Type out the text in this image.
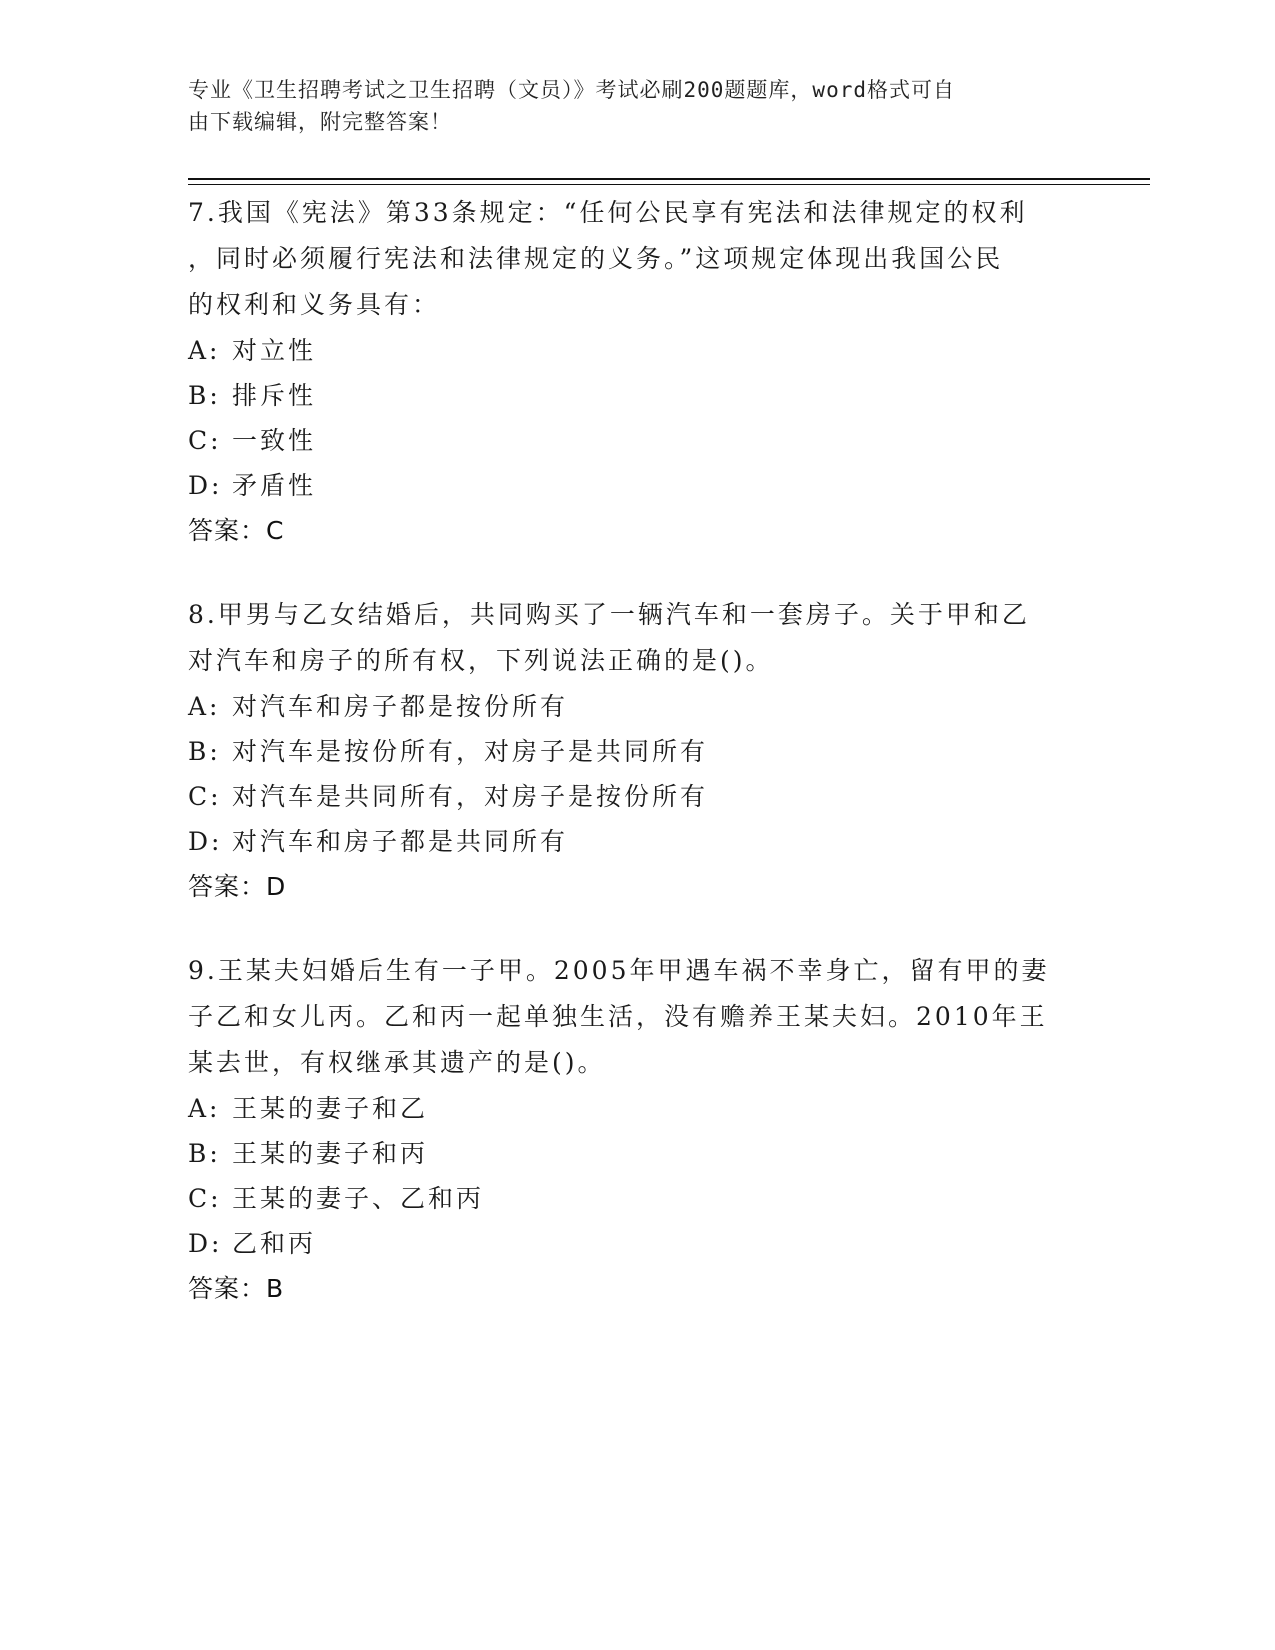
专业《卫生招聘考试之卫生招聘（文员）》考试必刷200题题库，word格式可自
由下载编辑，附完整答案！

7.我国《宪法》第33条规定：“任何公民享有宪法和法律规定的权利

，同时必须履行宪法和法律规定的义务。”这项规定体现出我国公民

的权利和义务具有：

A: 对立性

B: 排斥性

C: 一致性

D: 矛盾性

答案：C

8.甲男与乙女结婚后，共同购买了一辆汽车和一套房子。关于甲和乙

对汽车和房子的所有权，下列说法正确的是()。

A: 对汽车和房子都是按份所有

B: 对汽车是按份所有，对房子是共同所有

C: 对汽车是共同所有，对房子是按份所有

D: 对汽车和房子都是共同所有

答案：D

9.王某夫妇婚后生有一子甲。2005年甲遇车祸不幸身亡，留有甲的妻

子乙和女儿丙。乙和丙一起单独生活，没有赡养王某夫妇。2010年王

某去世，有权继承其遗产的是()。

A: 王某的妻子和乙

B: 王某的妻子和丙

C: 王某的妻子、乙和丙

D: 乙和丙

答案：B
